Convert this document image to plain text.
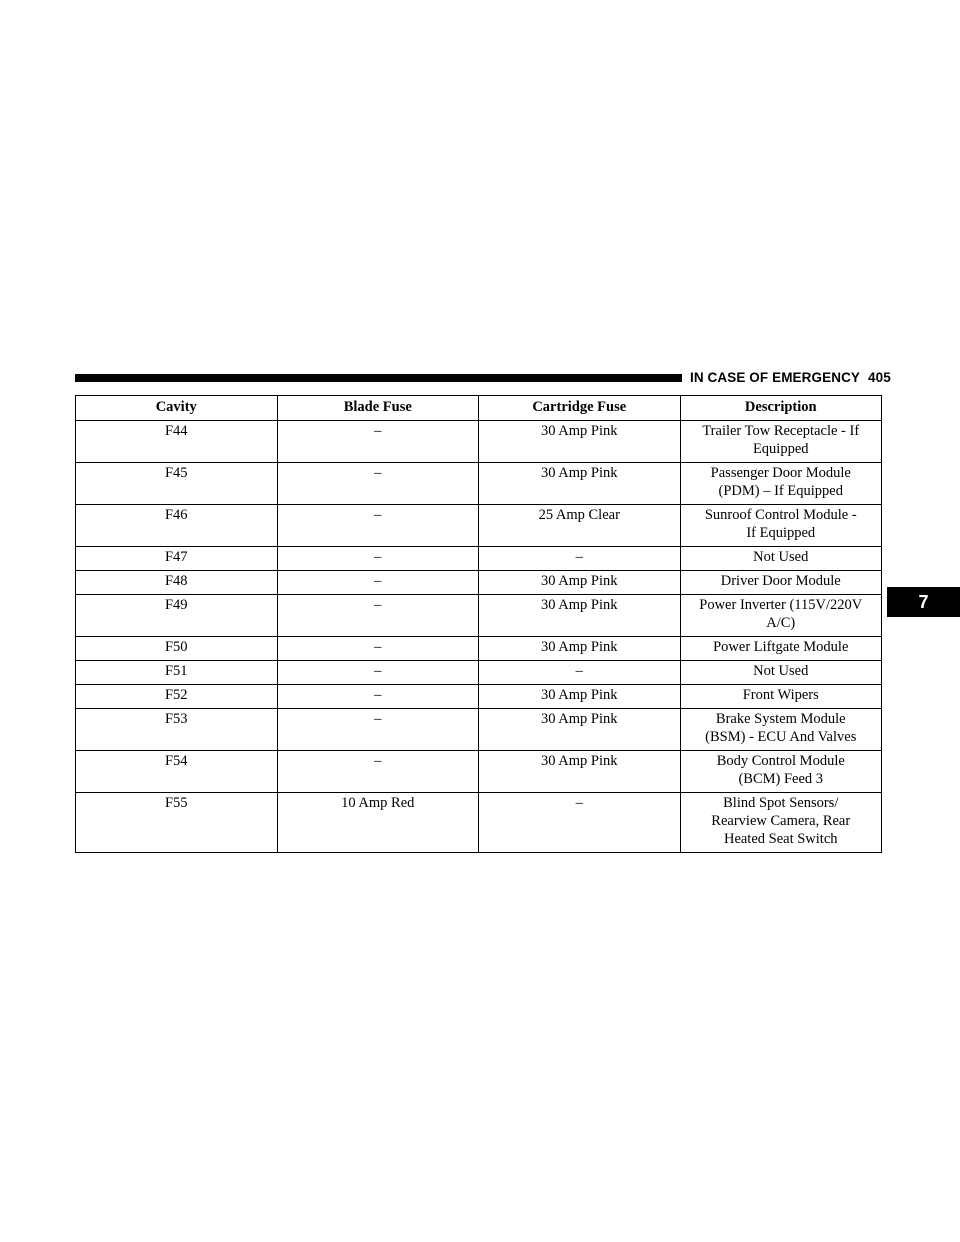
IN CASE OF EMERGENCY 405
7
Cavity	Blade Fuse	Cartridge Fuse	Description
F44	–	30 Amp Pink	Trailer Tow Receptacle - If
Equipped
F45	–	30 Amp Pink	Passenger Door Module
(PDM) – If Equipped
F46	–	25 Amp Clear	Sunroof Control Module -
If Equipped
F47	–	–	Not Used
F48	–	30 Amp Pink	Driver Door Module
F49	–	30 Amp Pink	Power Inverter (115V/220V
A/C)
F50	–	30 Amp Pink	Power Liftgate Module
F51	–	–	Not Used
F52	–	30 Amp Pink	Front Wipers
F53	–	30 Amp Pink	Brake System Module
(BSM) - ECU And Valves
F54	–	30 Amp Pink	Body Control Module
(BCM) Feed 3
F55	10 Amp Red	–	Blind Spot Sensors/
Rearview Camera, Rear
Heated Seat Switch
